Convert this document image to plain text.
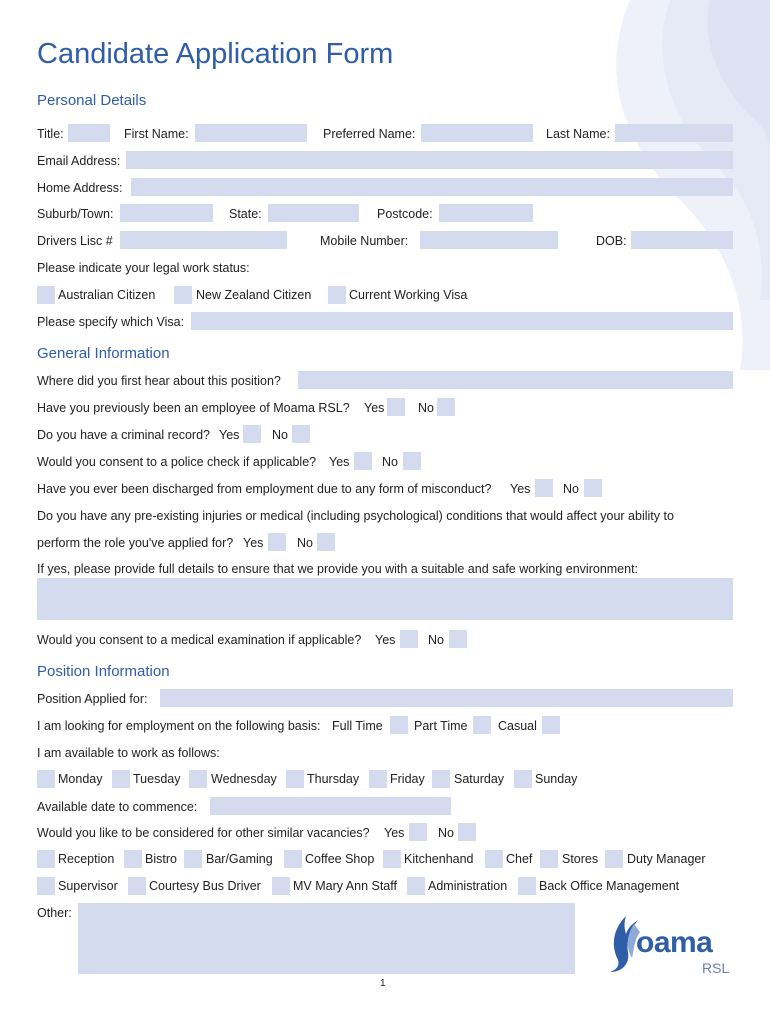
Candidate Application Form
Personal Details
Title:	First Name:	Preferred Name:	Last Name:
Email Address:
Home Address:
Suburb/Town:	State:	Postcode:
Drivers Lisc #	Mobile Number:	DOB:
Please indicate your legal work status:
Australian Citizen	New Zealand Citizen	Current Working Visa
Please specify which Visa:
General Information
Where did you first hear about this position?
Have you previously been an employee of Moama RSL? Yes	No
Do you have a criminal record? Yes	No
Would you consent to a police check if applicable? Yes	No
Have you ever been discharged from employment due to any form of misconduct? Yes	No
Do you have any pre-existing injuries or medical (including psychological) conditions that would affect your ability to
perform the role you've applied for? Yes	No
If yes, please provide full details to ensure that we provide you with a suitable and safe working environment:
Would you consent to a medical examination if applicable? Yes	No
Position Information
Position Applied for:
I am looking for employment on the following basis: Full Time	Part Time Casual
I am available to work as follows:
Monday Tuesday Wednesday Thursday Friday Saturday Sunday
Available date to commence:
Would you like to be considered for other similar vacancies? Yes	No
Reception Bistro Bar/Gaming	Coffee Shop Kitchenhand	Chef Stores Duty Manager
Supervisor	Courtesy Bus Driver	MV Mary Ann Staff Administration	Back Office Management
Other:
oama
RSL
1
